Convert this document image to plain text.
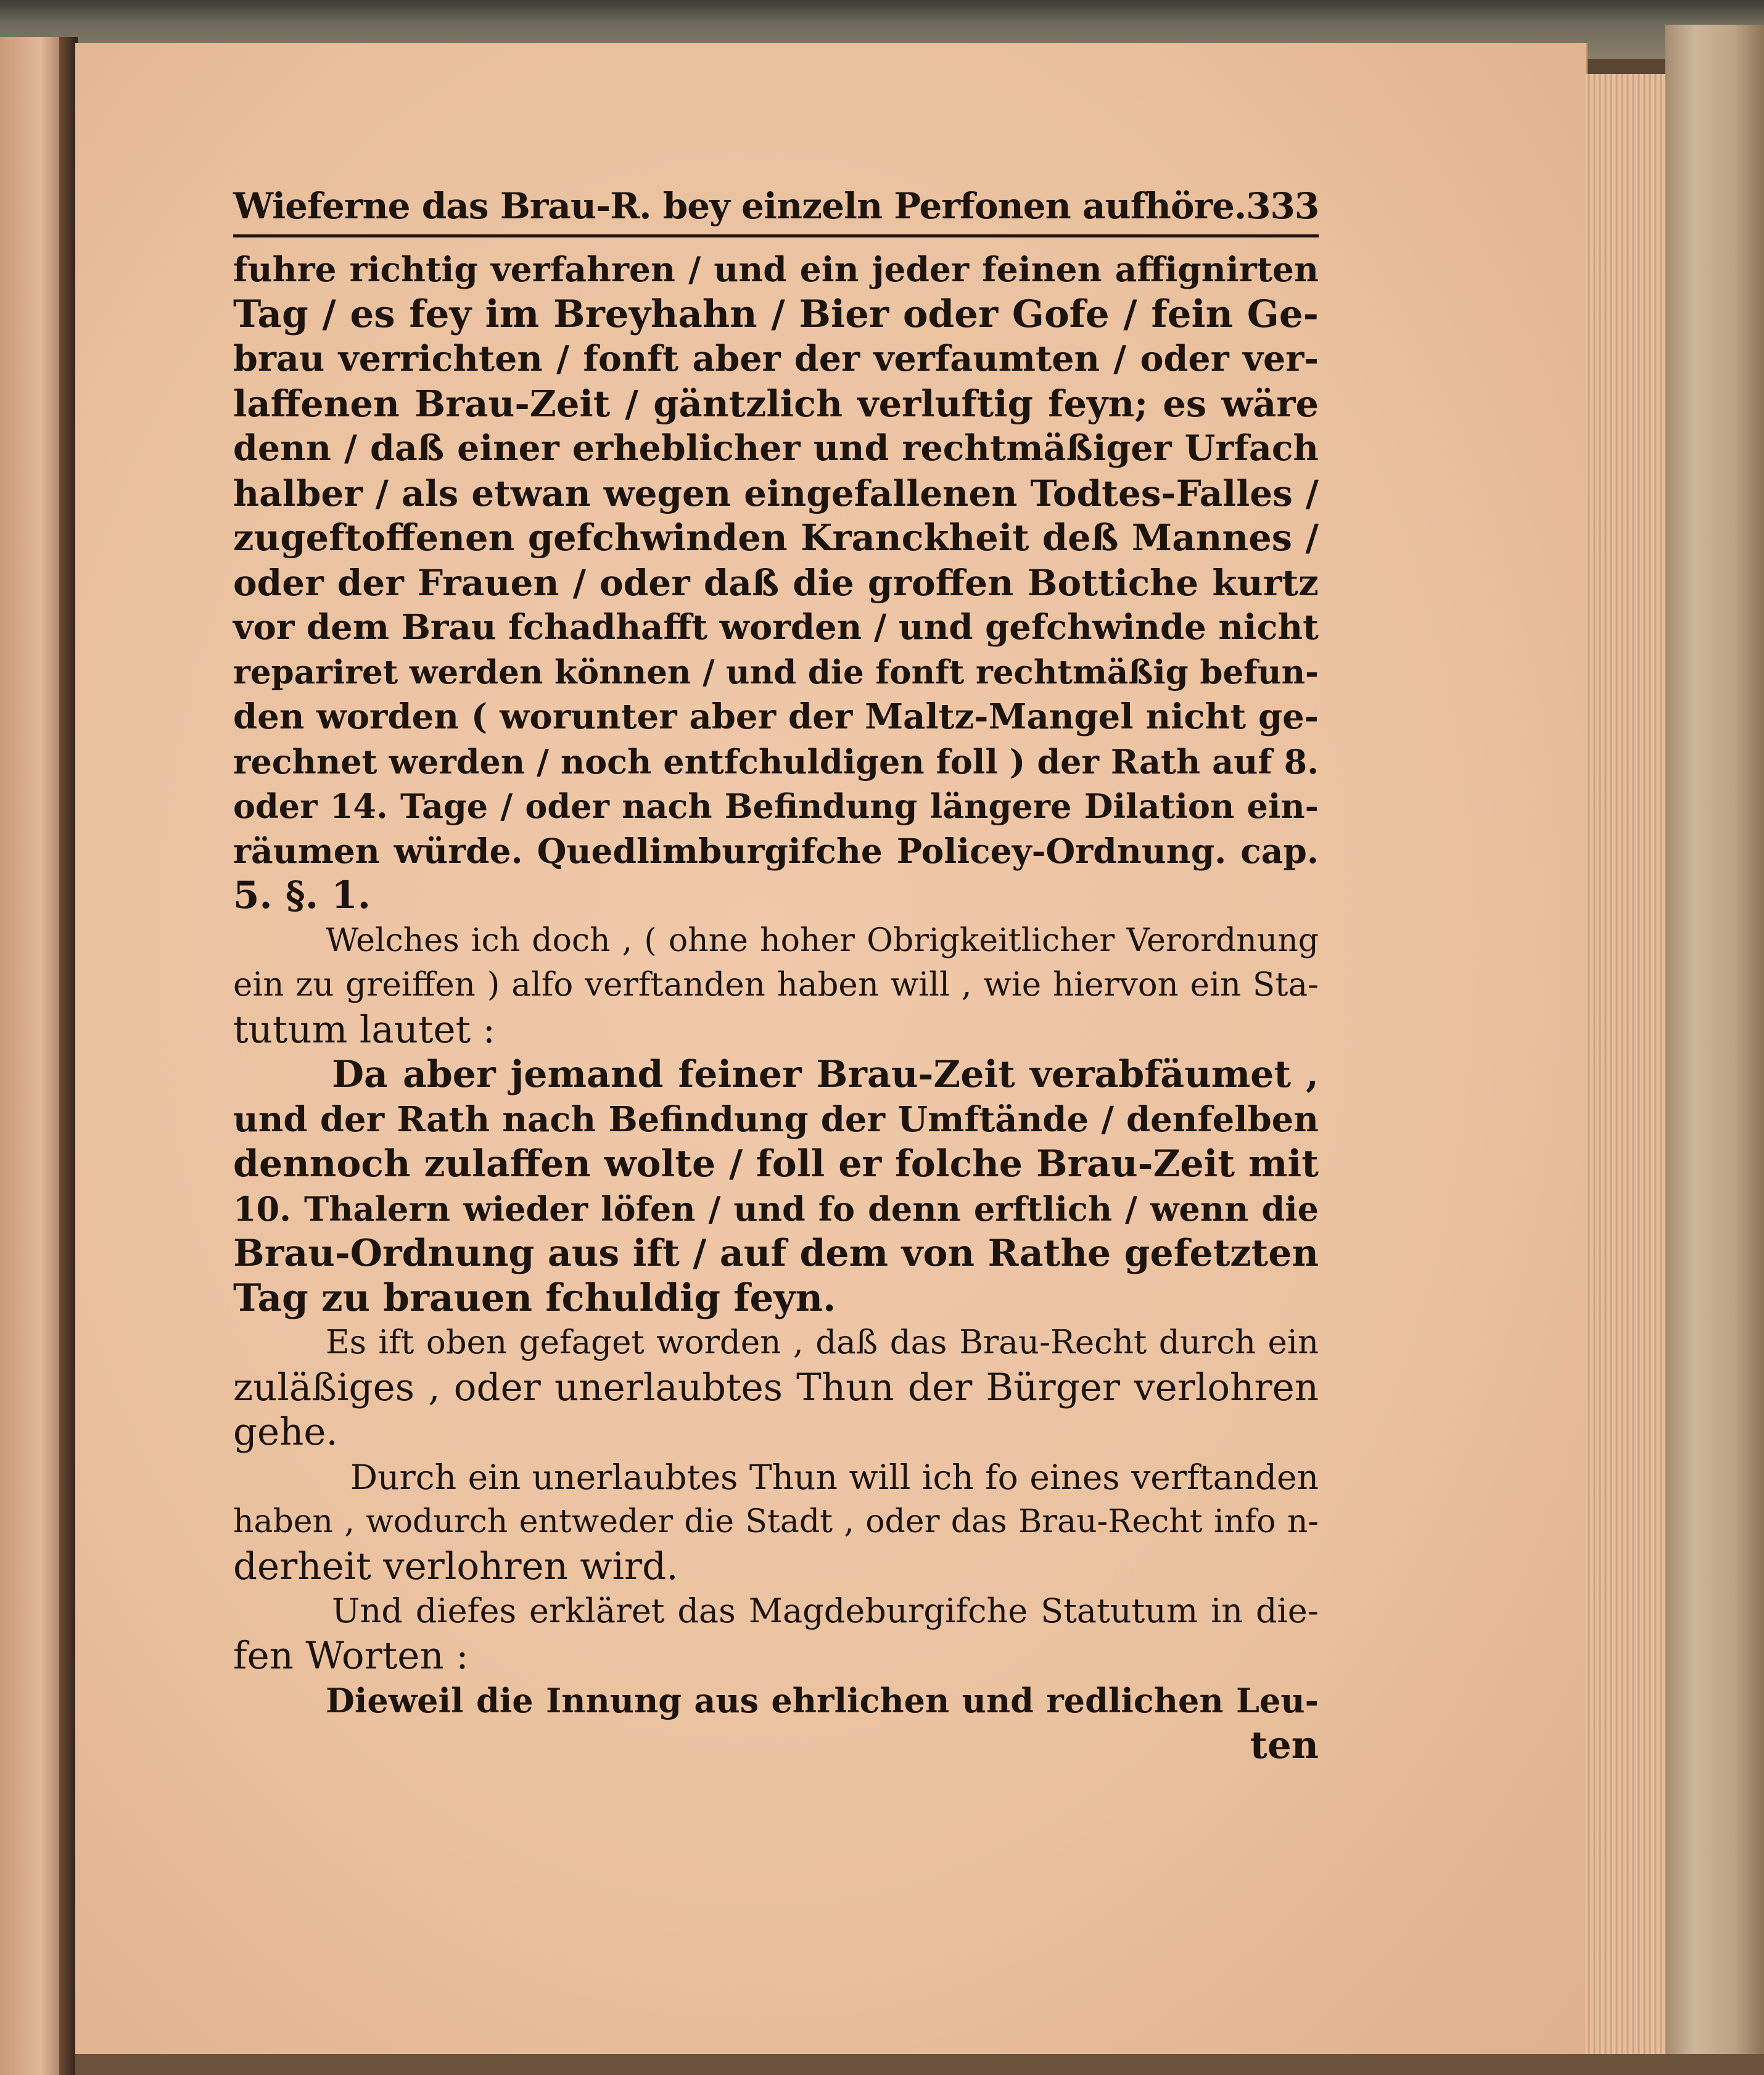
Wieferne das Brau-R. bey einzeln Perfonen aufhöre. 333

fuhre richtig verfahren / und ein jeder feinen affignirten

Tag / es fey im Breyhahn / Bier oder Gofe / fein Ge-

brau verrichten / fonft aber der verfaumten / oder ver-

laffenen Brau-Zeit / gäntzlich verluftig feyn; es wäre

denn / daß einer erheblicher und rechtmäßiger Urfach

halber / als etwan wegen eingefallenen Todtes-Falles /

zugeftoffenen gefchwinden Kranckheit deß Mannes /

oder der Frauen / oder daß die groffen Bottiche kurtz

vor dem Brau fchadhafft worden / und gefchwinde nicht

repariret werden können / und die fonft rechtmäßig befun-

den worden ( worunter aber der Maltz-Mangel nicht ge-

rechnet werden / noch entfchuldigen foll ) der Rath auf 8.

oder 14. Tage / oder nach Befindung längere Dilation ein-

räumen würde. Quedlimburgifche Policey-Ordnung. cap.

5. §. 1.

Welches ich doch , ( ohne hoher Obrigkeitlicher Verordnung

ein zu greiffen ) alfo verftanden haben will , wie hiervon ein Sta-

tutum lautet :

Da aber jemand feiner Brau-Zeit verabfäumet ,

und der Rath nach Befindung der Umftände / denfelben

dennoch zulaffen wolte / foll er folche Brau-Zeit mit

10. Thalern wieder löfen / und fo denn erftlich / wenn die

Brau-Ordnung aus ift / auf dem von Rathe gefetzten

Tag zu brauen fchuldig feyn.

Es ift oben gefaget worden , daß das Brau-Recht durch ein

zuläßiges , oder unerlaubtes Thun der Bürger verlohren

gehe.

Durch ein unerlaubtes Thun will ich fo eines verftanden

haben , wodurch entweder die Stadt , oder das Brau-Recht info n-

derheit verlohren wird.

Und diefes erkläret das Magdeburgifche Statutum in die-

fen Worten :

Dieweil die Innung aus ehrlichen und redlichen Leu-

ten
